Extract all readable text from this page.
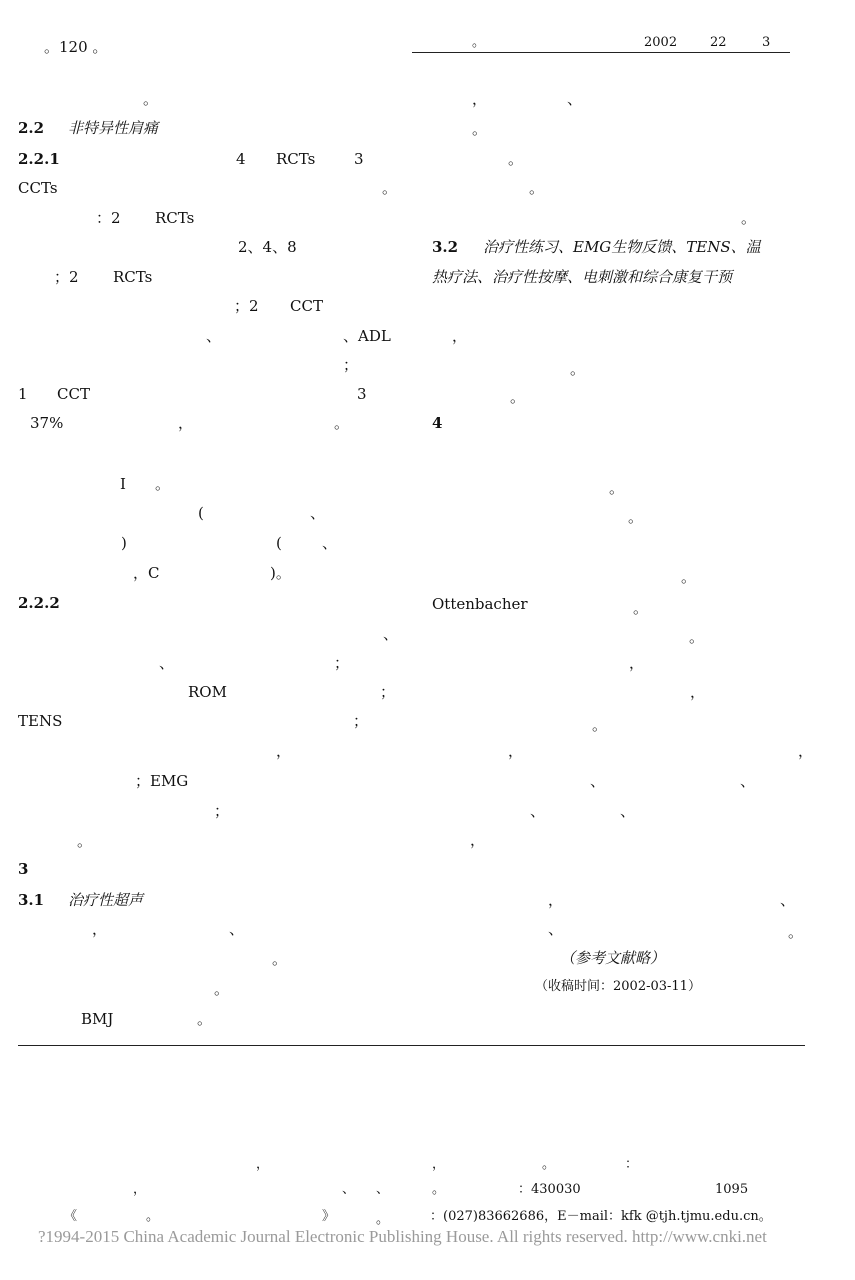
。120 。	。	2002	22	3
。
2.2 非特异性肩痛
2.2.1	4 RCTs	3
CCTs	。
：2 RCTs
2、4、8
；2 RCTs
；2 CCT
、	、ADL
；
1 CCT	3
37%	，	。
I 。
(	、
)	(	、
，C	)。
2.2.2
、
、	；
ROM	；
TENS	；
，
；EMG
；
。
3
3.1 治疗性超声
，	、
。
。
BMJ	。
，	、
。
。
。
。
3.2 治疗性练习、EMG生物反馈、TENS、温
热疗法、治疗性按摩、电刺激和综合康复干预
，
。
。
4
。
。
。
Ottenbacher	。
。
，
，
。
，	，
、	、
、	、
，
，	、
、	。
（参考文献略）
（收稿时间：2002-03-11）
，	，	。	：
，	、 、	。	：430030	1095
《	。	》	。	：(027)83662686，E－mail：kfk @tjh.tjmu.edu.cn。
?1994-2015 China Academic Journal Electronic Publishing House. All rights reserved. http://www.cnki.net
